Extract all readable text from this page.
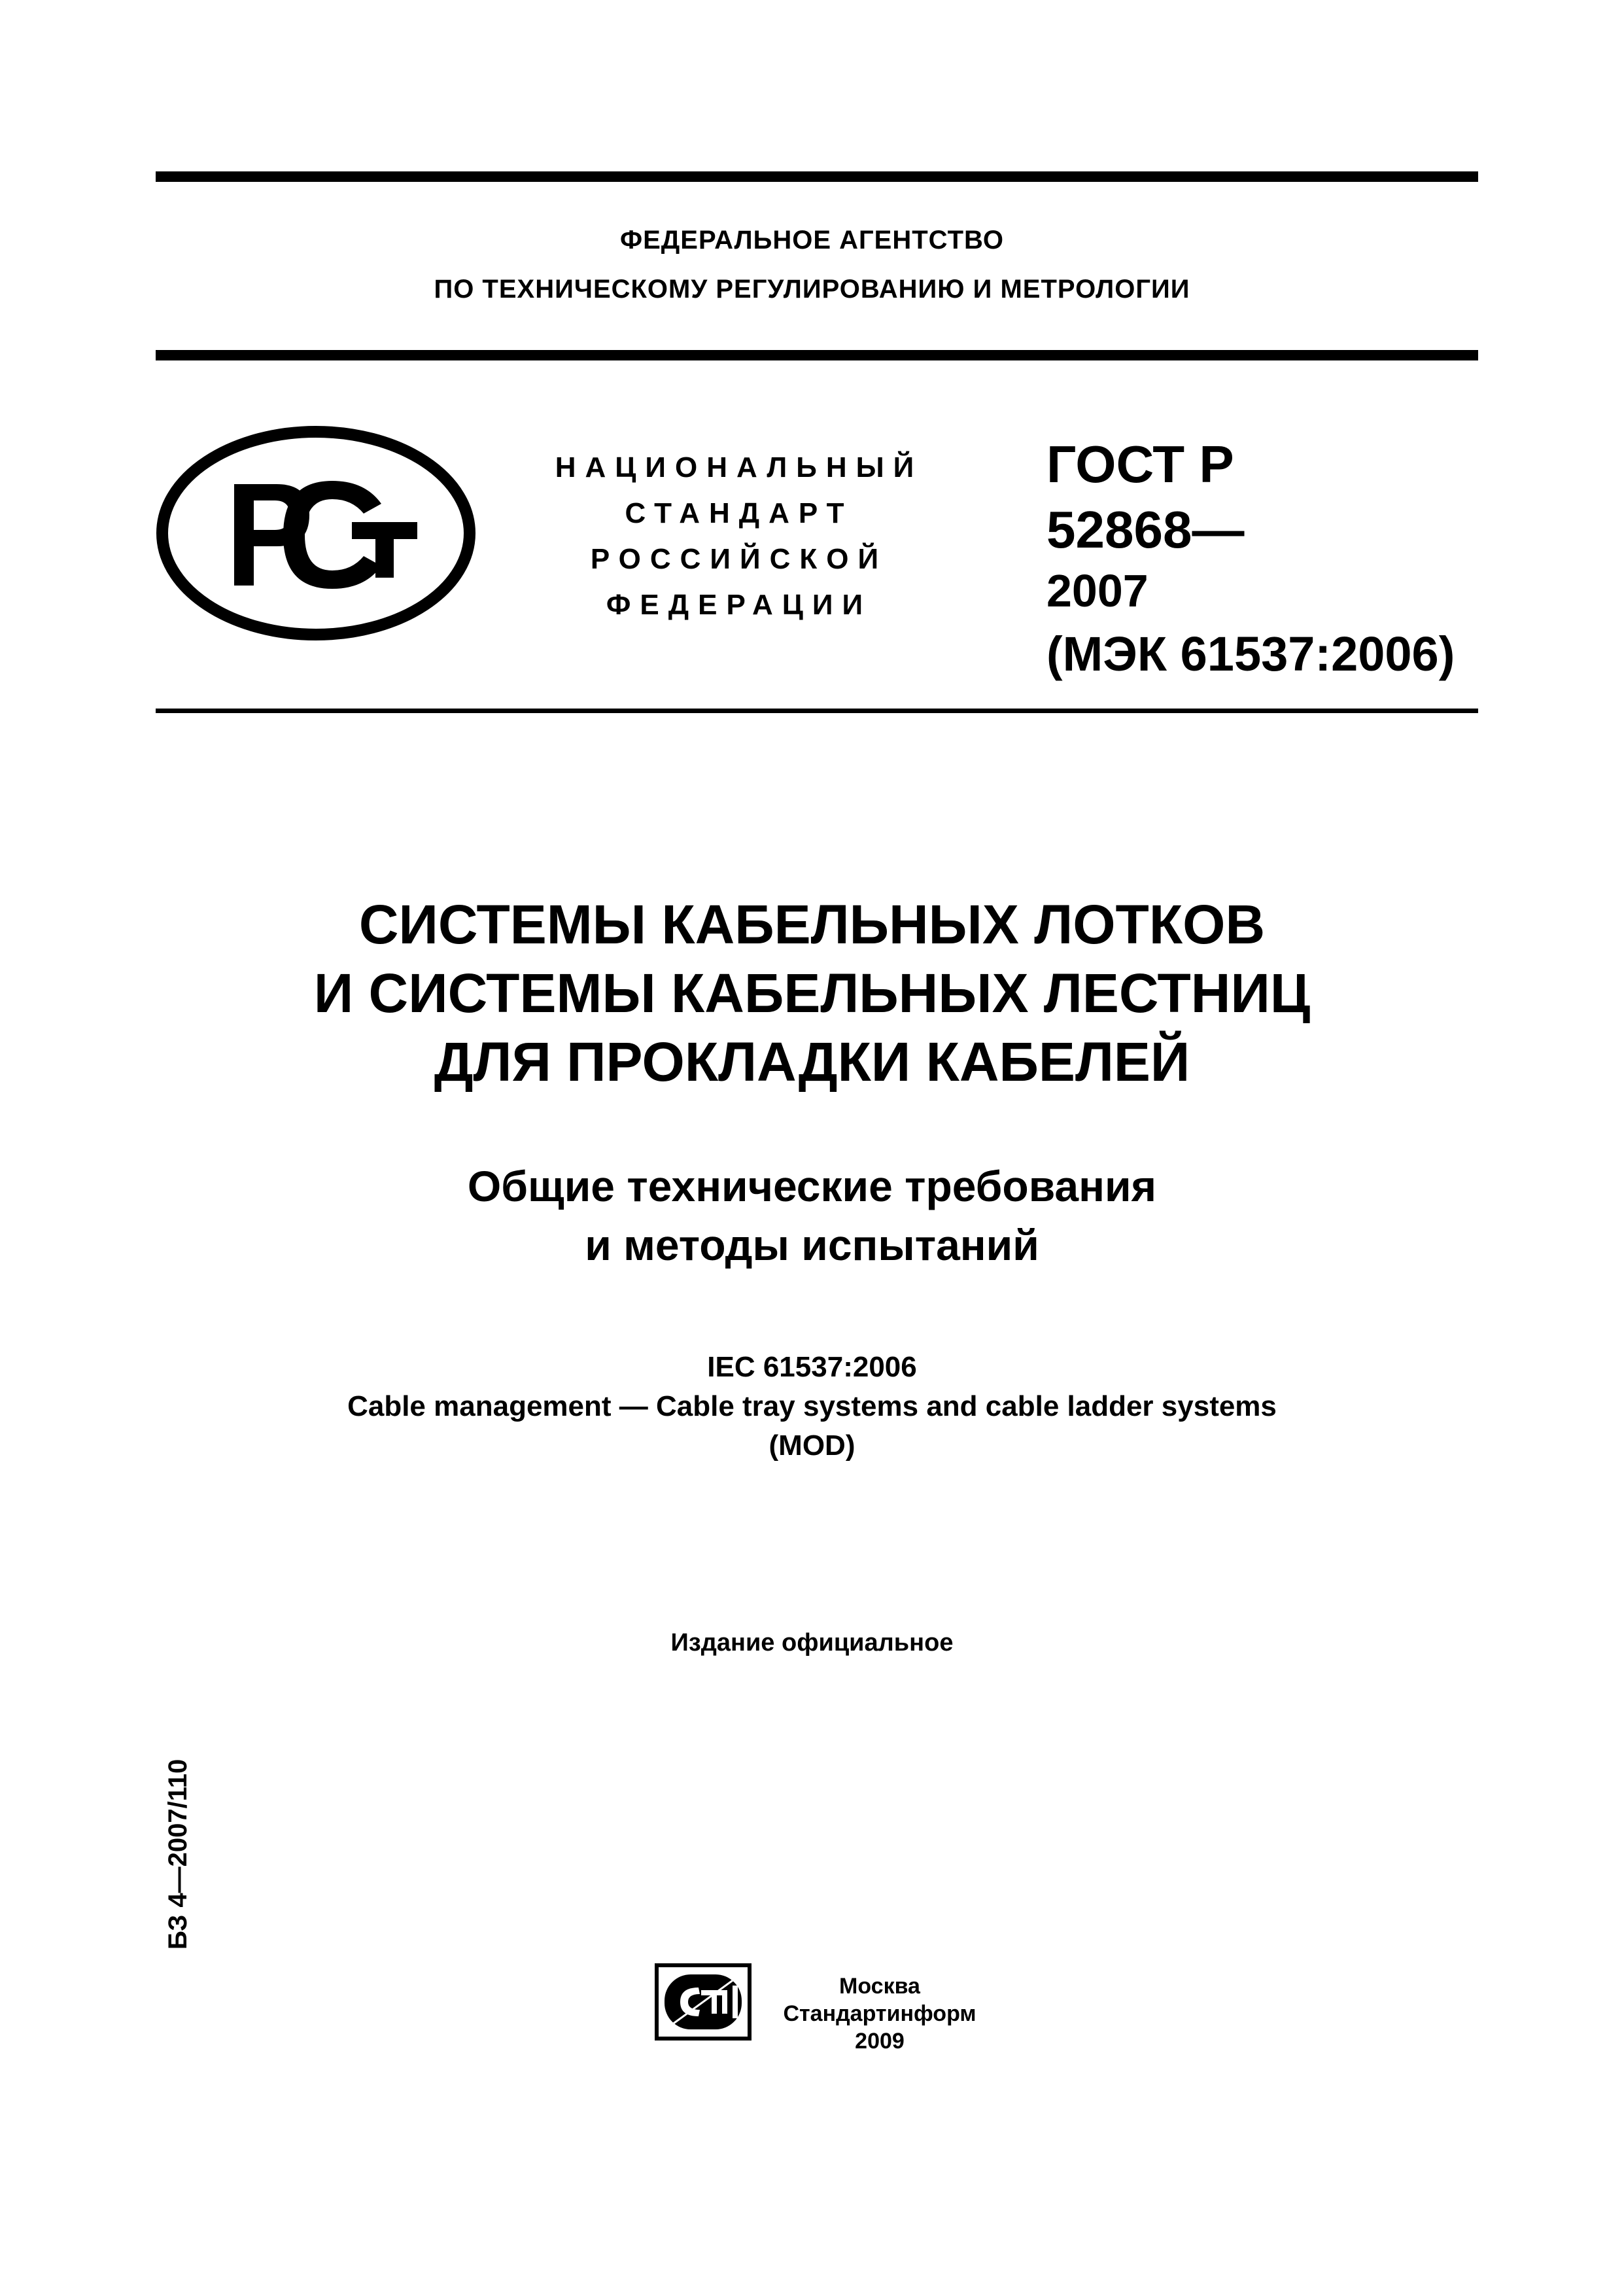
ФЕДЕРАЛЬНОЕ АГЕНТСТВО
ПО ТЕХНИЧЕСКОМУ РЕГУЛИРОВАНИЮ И МЕТРОЛОГИИ
НАЦИОНАЛЬНЫЙ
СТАНДАРТ
РОССИЙСКОЙ
ФЕДЕРАЦИИ
ГОСТ Р
52868—
2007
(МЭК 61537:2006)
СИСТЕМЫ КАБЕЛЬНЫХ ЛОТКОВ
И СИСТЕМЫ КАБЕЛЬНЫХ ЛЕСТНИЦ
ДЛЯ ПРОКЛАДКИ КАБЕЛЕЙ
Общие технические требования
и методы испытаний
IEC 61537:2006
Cable management — Cable tray systems and cable ladder systems
(MOD)
Издание официальное
БЗ 4—2007/110
Москва
Стандартинформ
2009
